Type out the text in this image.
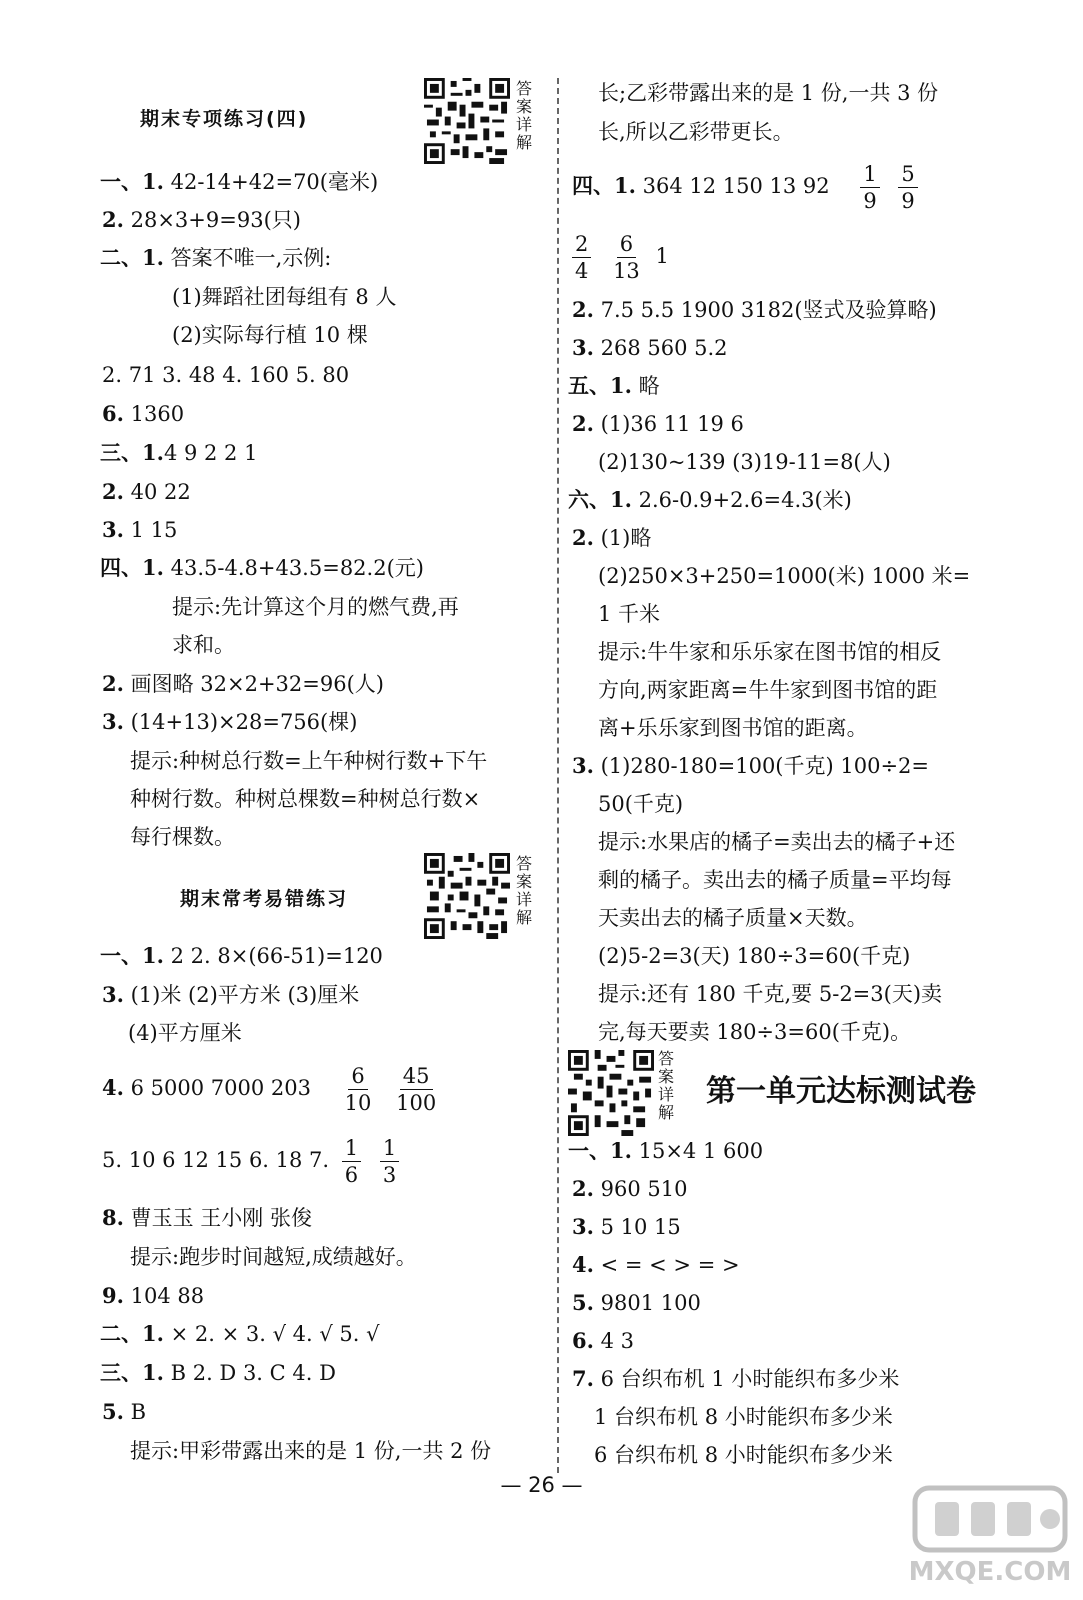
期末专项练习(四)
答案详解
一、1. 42-14+42=70(毫米)
2. 28×3+9=93(只)
二、1. 答案不唯一,示例:
(1)舞蹈社团每组有 8 人
(2)实际每行植 10 棵
2. 71 3. 48 4. 160 5. 80
6. 1360
三、1.4 9 2 2 1
2. 40 22
3. 1 15
四、1. 43.5-4.8+43.5=82.2(元)
提示:先计算这个月的燃气费,再
求和。
2. 画图略 32×2+32=96(人)
3. (14+13)×28=756(棵)
提示:种树总行数=上午种树行数+下午
种树行数。种树总棵数=种树总行数×
每行棵数。
期末常考易错练习
答案详解
一、1. 2 2. 8×(66-51)=120
3. (1)米 (2)平方米 (3)厘米
(4)平方厘米
4. 6 5000 7000 $203 \frac{6}{10}$
$\frac{45}{100}$
5. 10 6 12 15 6. 18 7. $\frac{1}{6}$
$\frac{1}{3}$
8. 曹玉玉 王小刚 张俊
提示:跑步时间越短,成绩越好。
9. 104 88
二、1. × 2. × 3. √ 4. √ 5. √
三、1. B 2. D 3. C 4. D
5. B
提示:甲彩带露出来的是 1 份,一共 2 份
长;乙彩带露出来的是 1 份,一共 3 份
长,所以乙彩带更长。
四、1. 364 12 150 13 $92 \frac{1}{9}$
$\frac{5}{9}$
$\frac{2}{4}$
$\frac{6}{13} 1$
2. 7.5 5.5 1900 3182(竖式及验算略)
3. 268 560 5.2
五、1. 略
2. (1)36 11 19 6
(2)130~139 (3)19-11=8(人)
六、1. 2.6-0.9+2.6=4.3(米)
2. (1)略
(2)250×3+250=1000(米) 1000 米=
1 千米
提示:牛牛家和乐乐家在图书馆的相反
方向,两家距离=牛牛家到图书馆的距
离+乐乐家到图书馆的距离。
3. (1)280-180=100(千克) 100÷2=
50(千克)
提示:水果店的橘子=卖出去的橘子+还
剩的橘子。卖出去的橘子质量=平均每
天卖出去的橘子质量×天数。
(2)5-2=3(天) 180÷3=60(千克)
提示:还有 180 千克,要 5-2=3(天)卖
完,每天要卖 180÷3=60(千克)。
答案详解
第一单元达标测试卷
一、1. 15×4 1 600
2. 960 510
3. 5 10 15
4. < = < > = >
5. 9801 100
6. 4 3
7. 6 台织布机 1 小时能织布多少米
1 台织布机 8 小时能织布多少米
6 台织布机 8 小时能织布多少米
— 26 —
MXQE.COM
